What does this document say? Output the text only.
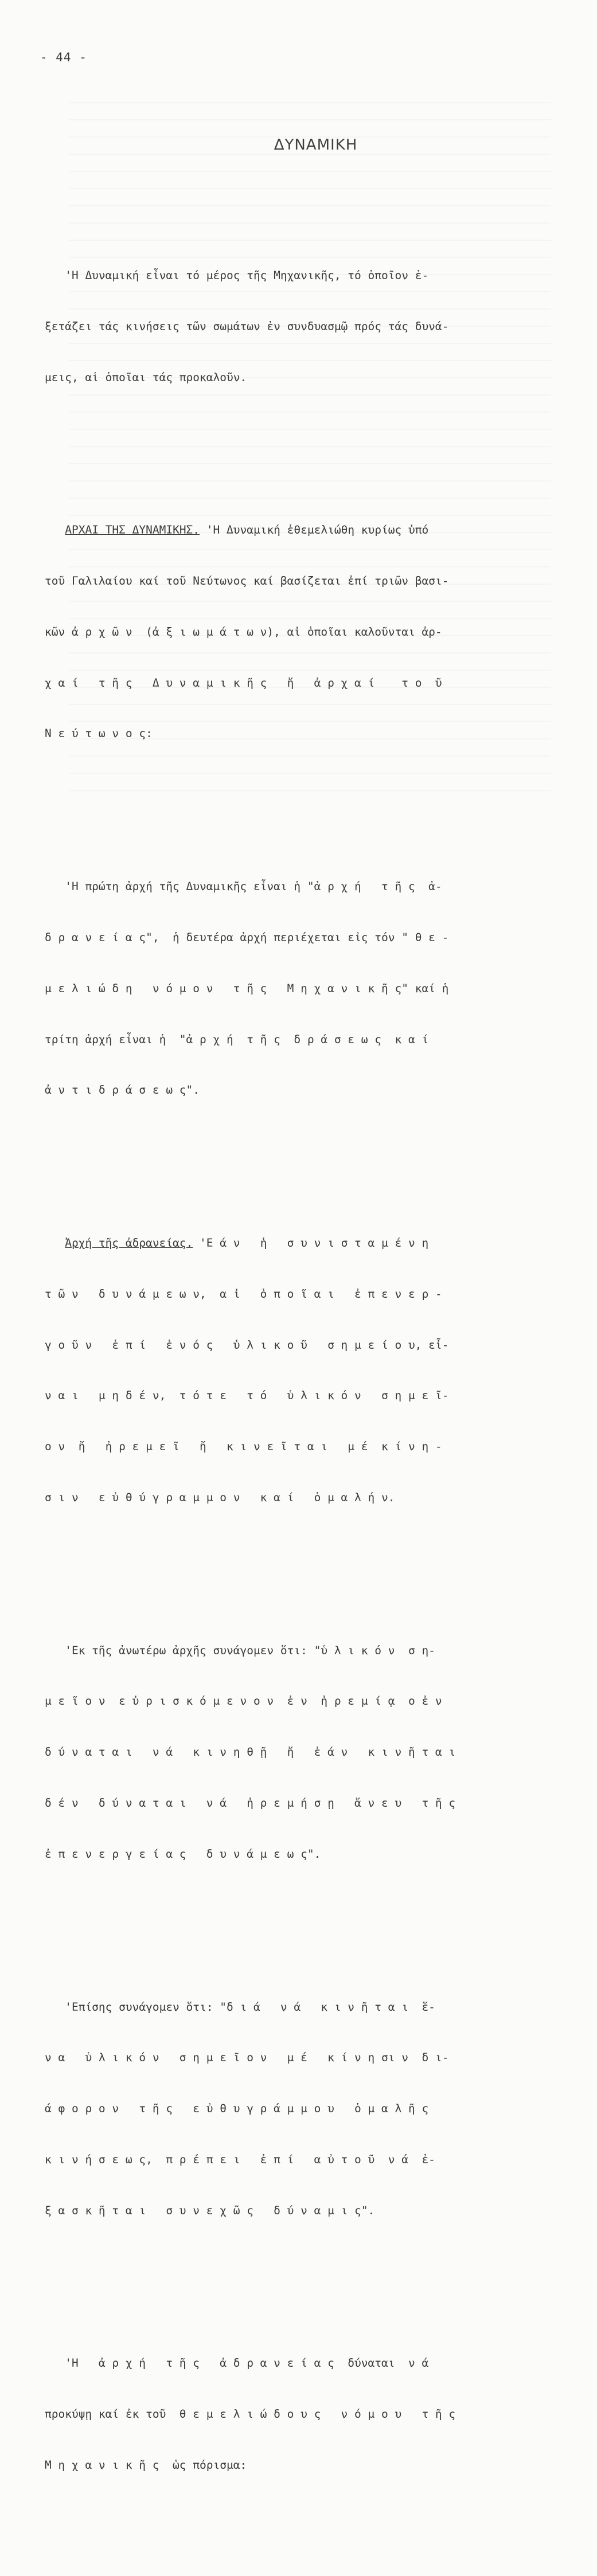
- 44 -
ΔΥΝΑΜΙΚΗ

'Η Δυναμική εἶναι τό μέρος τῆς Μηχανικῆς, τό ὁποῖον ἐ-

ξετάζει τάς κινήσεις τῶν σωμάτων ἐν συνδυασμῷ πρός τάς δυνά-

μεις, αἱ ὁποῖαι τάς προκαλοῦν.

ΑΡΧΑΙ ΤΗΣ ΔΥΝΑΜΙΚΗΣ. 'Η Δυναμική ἐθεμελιώθη κυρίως ὑπό

τοῦ Γαλιλαίου καί τοῦ Νεύτωνος καί βασίζεται ἐπί τριῶν βασι-

κῶν ἀ ρ χ ῶ ν  (ἀ ξ ι ω μ ά τ ω ν), αἱ ὁποῖαι καλοῦνται ἀρ-

χ α ί   τ ῆ ς   Δ υ ν α μ ι κ ῆ ς   ἤ   ἀ ρ χ α ί    τ ο  ῦ

Ν ε ύ τ ω ν ο ς:

'Η πρώτη ἀρχή τῆς Δυναμικῆς εἶναι ἡ "ἀ ρ χ ή   τ ῆ ς  ἀ-

δ ρ α ν ε ί α ς",  ἡ δευτέρα ἀρχή περιέχεται εἰς τόν " θ ε -

μ ε λ ι ώ δ η   ν ό μ ο ν   τ ῆ ς   Μ η χ α ν ι κ ῆ ς" καί ἡ

τρίτη ἀρχή εἶναι ἡ  "ἀ ρ χ ή  τ ῆ ς  δ ρ ά σ ε ω ς  κ α ί

ἀ ν τ ι δ ρ ά σ ε ω ς".

Ἀρχή τῆς ἀδρανείας. 'Ε ά ν   ἡ   σ υ ν ι σ τ α μ έ ν η

τ ῶ ν   δ υ ν ά μ ε ω ν,  α ἱ   ὁ π ο ῖ α ι   ἐ π ε ν ε ρ -

γ ο ῦ ν   ἐ π ί   ἑ ν ό ς   ὑ λ ι κ ο ῦ   σ η μ ε ί ο υ, εἶ-

ν α ι   μ η δ έ ν,  τ ό τ ε   τ ό   ὑ λ ι κ ό ν   σ η μ ε ῖ-

ο ν  ἤ   ἠ ρ ε μ ε ῖ   ἤ   κ ι ν ε ῖ τ α ι   μ έ  κ ί ν η -

σ ι ν   ε ὐ θ ύ γ ρ α μ μ ο ν   κ α ί   ὁ μ α λ ή ν.

'Εκ τῆς ἀνωτέρω ἀρχῆς συνάγομεν ὅτι: "ὑ λ ι κ ό ν  σ η-

μ ε ῖ ο ν  ε ὑ ρ ι σ κ ό μ ε ν ο ν  ἐ ν  ἠ ρ ε μ ί ᾳ  ο ἐ ν

δ ύ ν α τ α ι   ν ά   κ ι ν η θ ῇ   ἤ   ἐ ά ν   κ ι ν ῆ τ α ι

δ έ ν   δ ύ ν α τ α ι   ν ά   ἠ ρ ε μ ή σ ῃ   ἄ ν ε υ   τ ῆ ς

ἐ π ε ν ε ρ γ ε ί α ς   δ υ ν ά μ ε ω ς".

'Επίσης συνάγομεν ὅτι: "δ ι ά   ν ά   κ ι ν ῆ τ α ι  ἕ-

ν α   ὑ λ ι κ ό ν   σ η μ ε ῖ ο ν   μ έ   κ ί ν η σι ν  δ ι-

ά φ ο ρ ο ν   τ ῆ ς   ε ὐ θ υ γ ρ ά μ μ ο υ   ὁ μ α λ ῆ ς

κ ι ν ή σ ε ω ς,  π ρ έ π ε ι   ἐ π ί   α ὐ τ ο ῦ  ν ά  ἐ-

ξ α σ κ ῆ τ α ι   σ υ ν ε χ ῶ ς   δ ύ ν α μ ι ς".

'Η   ἀ ρ χ ή   τ ῆ ς   ἀ δ ρ α ν ε ί α ς  δύναται  ν ά

προκύψῃ καί ἐκ τοῦ  θ ε μ ε λ ι ώ δ ο υ ς   ν ό μ ο υ   τ ῆ ς

Μ η χ α ν ι κ ῆ ς  ὡς πόρισμα:
